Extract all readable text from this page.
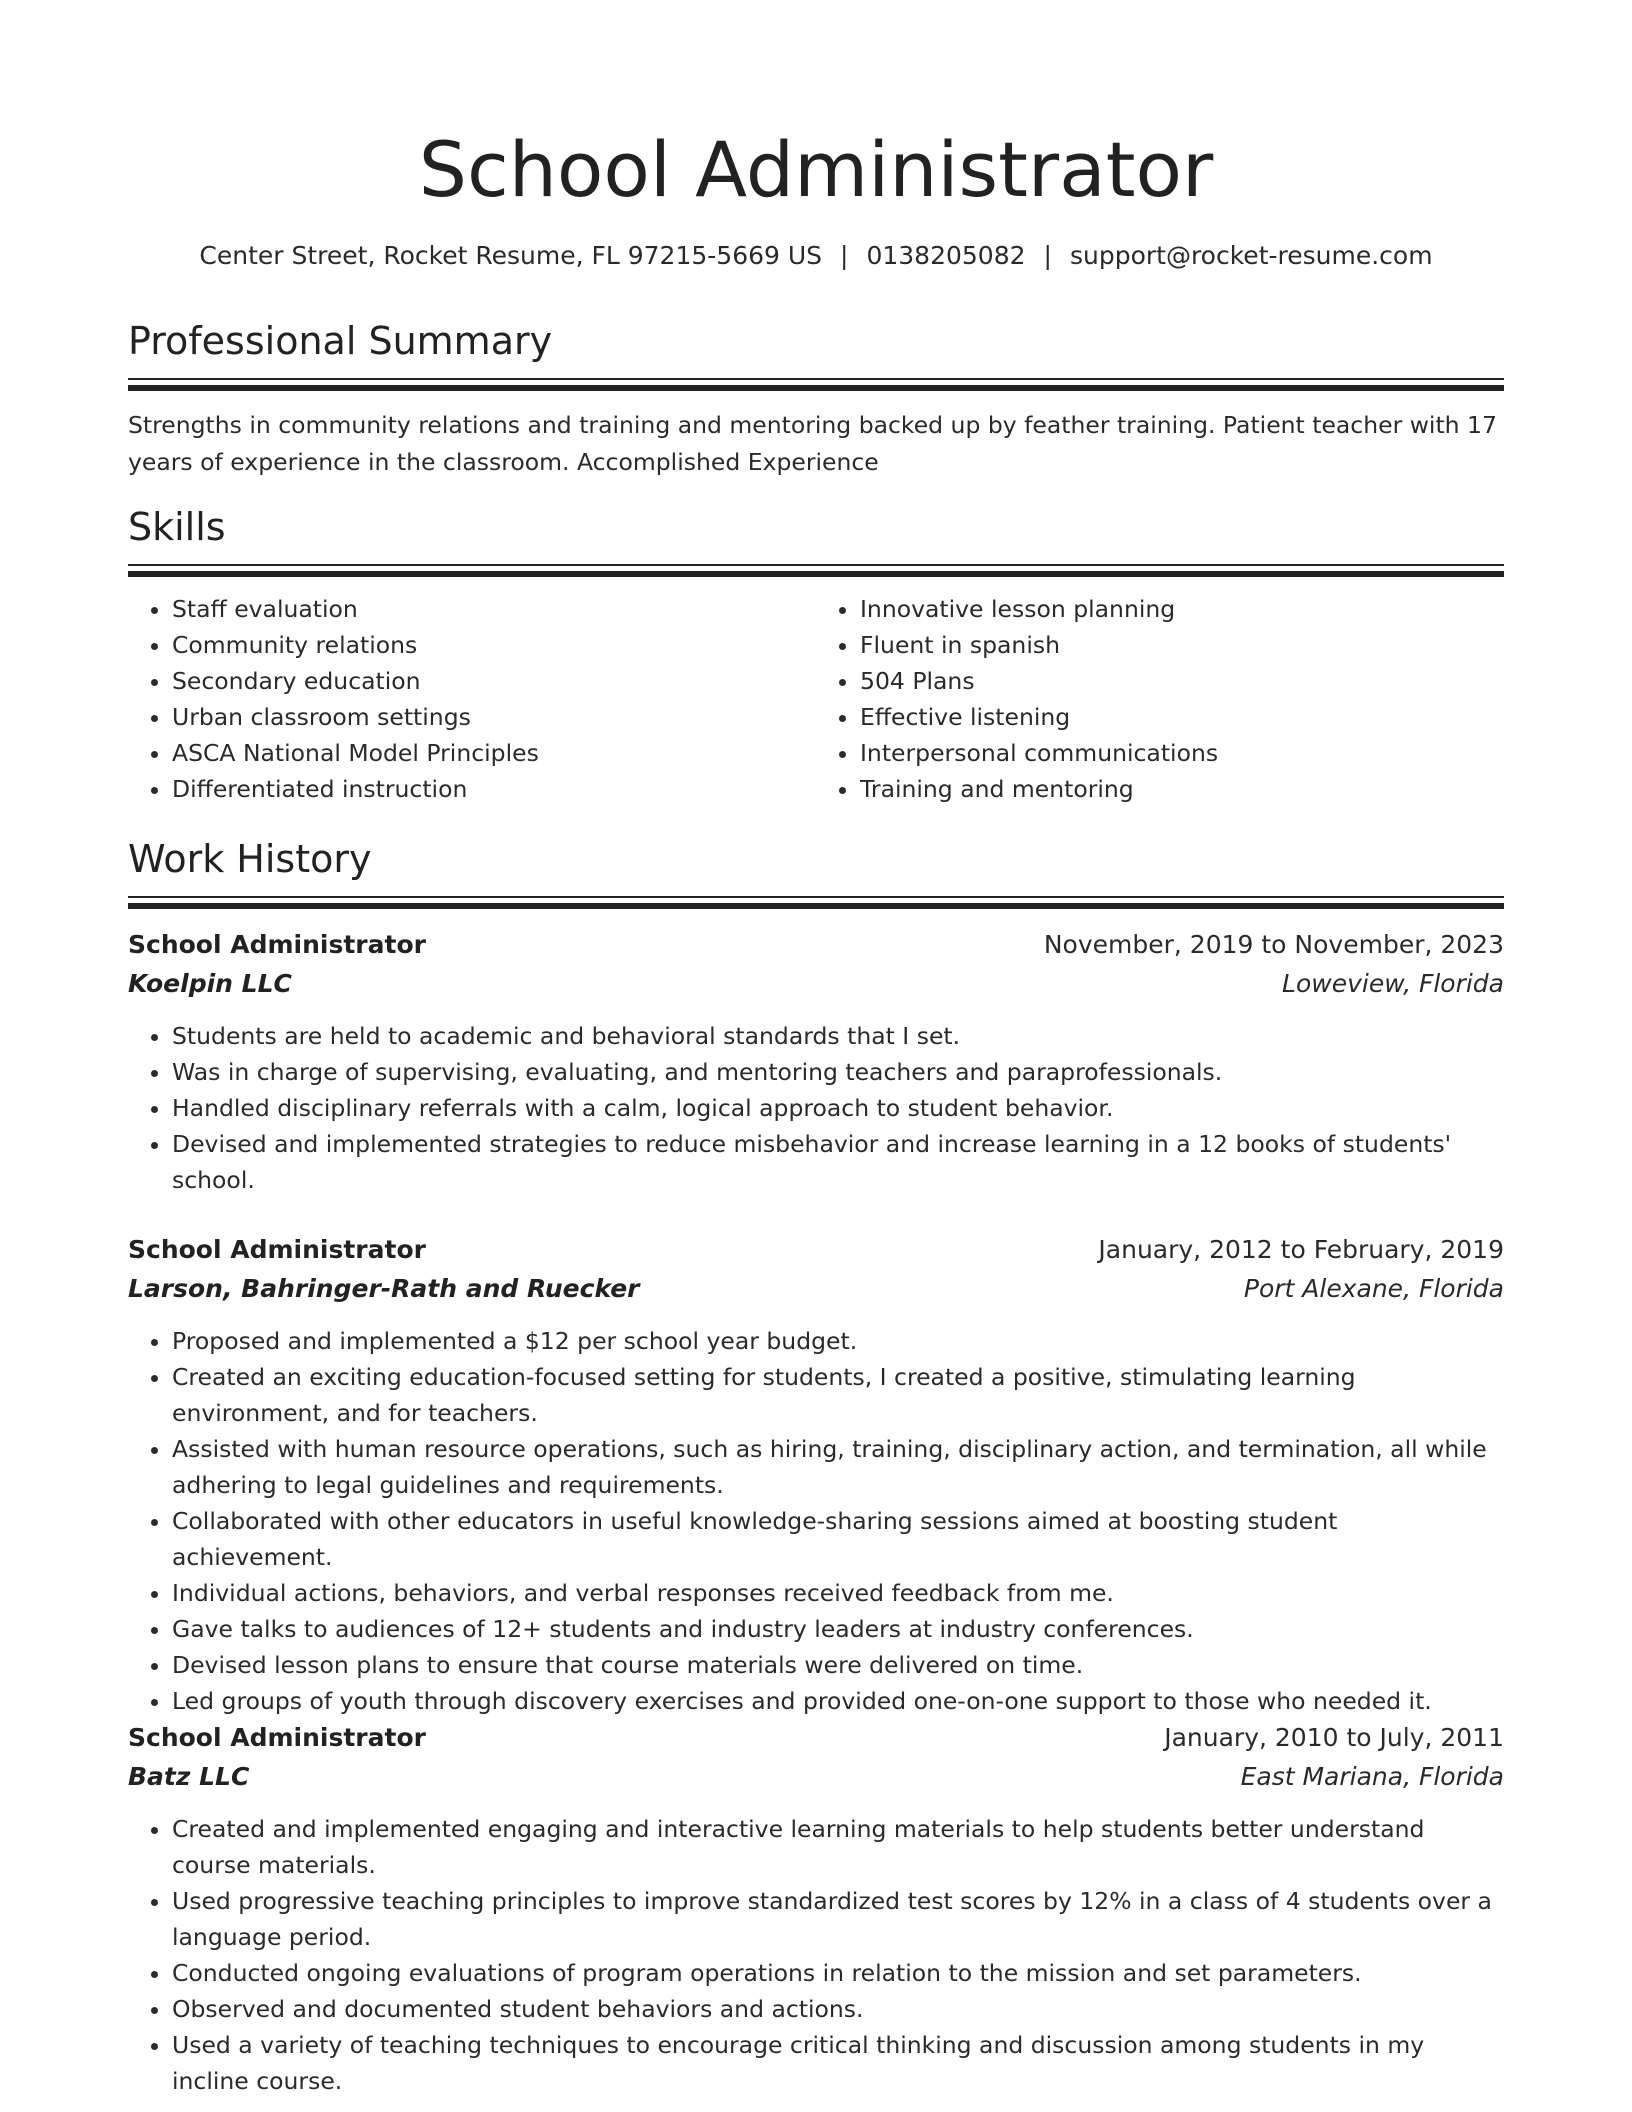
School Administrator
Center Street, Rocket Resume, FL 97215-5669 US | 0138205082 | support@rocket-resume.com
Professional Summary
Strengths in community relations and training and mentoring backed up by feather training. Patient teacher with 17 years of experience in the classroom. Accomplished Experience
Skills
• Staff evaluation
• Community relations
• Secondary education
• Urban classroom settings
• ASCA National Model Principles
• Differentiated instruction
• Innovative lesson planning
• Fluent in spanish
• 504 Plans
• Effective listening
• Interpersonal communications
• Training and mentoring
Work History
School Administrator	November, 2019 to November, 2023
Koelpin LLC	Loweview, Florida
• Students are held to academic and behavioral standards that I set.
• Was in charge of supervising, evaluating, and mentoring teachers and paraprofessionals.
• Handled disciplinary referrals with a calm, logical approach to student behavior.
• Devised and implemented strategies to reduce misbehavior and increase learning in a 12 books of students' school.
School Administrator	January, 2012 to February, 2019
Larson, Bahringer-Rath and Ruecker	Port Alexane, Florida
• Proposed and implemented a $12 per school year budget.
• Created an exciting education-focused setting for students, I created a positive, stimulating learning environment, and for teachers.
• Assisted with human resource operations, such as hiring, training, disciplinary action, and termination, all while adhering to legal guidelines and requirements.
• Collaborated with other educators in useful knowledge-sharing sessions aimed at boosting student achievement.
• Individual actions, behaviors, and verbal responses received feedback from me.
• Gave talks to audiences of 12+ students and industry leaders at industry conferences.
• Devised lesson plans to ensure that course materials were delivered on time.
• Led groups of youth through discovery exercises and provided one-on-one support to those who needed it.
School Administrator	January, 2010 to July, 2011
Batz LLC	East Mariana, Florida
• Created and implemented engaging and interactive learning materials to help students better understand course materials.
• Used progressive teaching principles to improve standardized test scores by 12% in a class of 4 students over a language period.
• Conducted ongoing evaluations of program operations in relation to the mission and set parameters.
• Observed and documented student behaviors and actions.
• Used a variety of teaching techniques to encourage critical thinking and discussion among students in my incline course.
